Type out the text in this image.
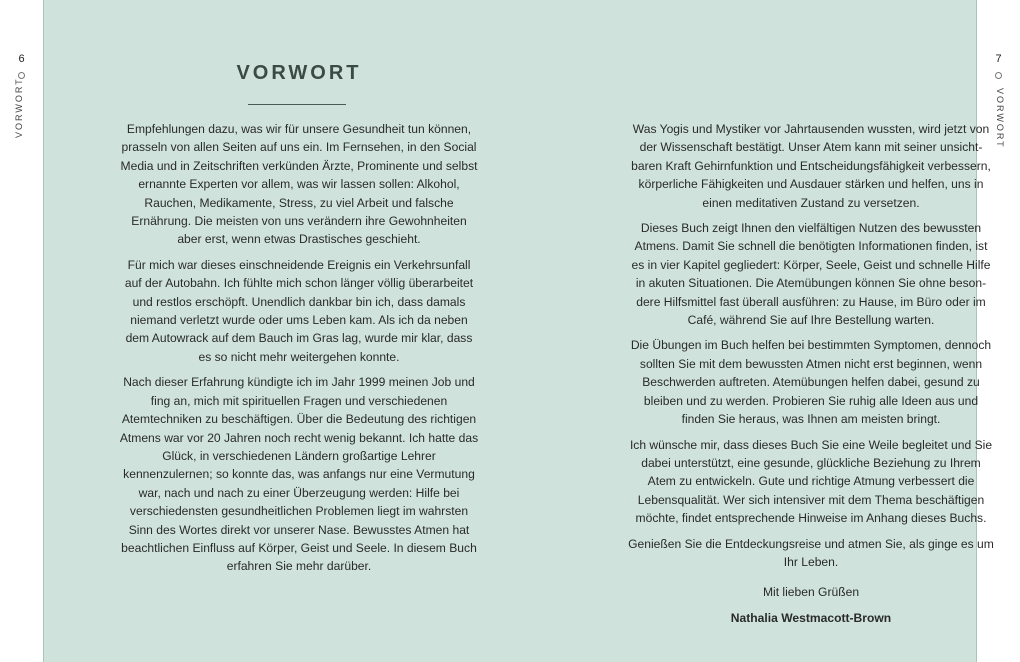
6
VORWORT
VORWORT

Empfehlungen dazu, was wir für unsere Gesundheit tun können, prasseln von allen Seiten auf uns ein. Im Fernsehen, in den Social Media und in Zeitschriften verkünden Ärzte, Prominente und selbst ernannte Experten vor allem, was wir lassen sollen: Alkohol, Rauchen, Medikamente, Stress, zu viel Arbeit und falsche Ernährung. Die meisten von uns verändern ihre Gewohnheiten aber erst, wenn etwas Drastisches geschieht.

Für mich war dieses einschneidende Ereignis ein Verkehrsunfall auf der Autobahn. Ich fühlte mich schon länger völlig überarbeitet und restlos erschöpft. Unendlich dankbar bin ich, dass damals niemand verletzt wurde oder ums Leben kam. Als ich da neben dem Autowrack auf dem Bauch im Gras lag, wurde mir klar, dass es so nicht mehr weitergehen konnte.

Nach dieser Erfahrung kündigte ich im Jahr 1999 meinen Job und fing an, mich mit spirituellen Fragen und verschiedenen Atemtechniken zu beschäftigen. Über die Bedeutung des richtigen Atmens war vor 20 Jahren noch recht wenig bekannt. Ich hatte das Glück, in verschiedenen Ländern großartige Lehrer kennenzulernen; so konnte das, was anfangs nur eine Vermutung war, nach und nach zu einer Überzeugung werden: Hilfe bei verschiedensten gesundheitlichen Problemen liegt im wahrsten Sinn des Wortes direkt vor unserer Nase. Bewusstes Atmen hat beachtlichen Einfluss auf Körper, Geist und Seele. In diesem Buch erfahren Sie mehr darüber.

Was Yogis und Mystiker vor Jahrtausenden wussten, wird jetzt von der Wissenschaft bestätigt. Unser Atem kann mit seiner unsichtbaren Kraft Gehirnfunktion und Entscheidungsfähigkeit verbessern, körperliche Fähigkeiten und Ausdauer stärken und helfen, uns in einen meditativen Zustand zu versetzen.

Dieses Buch zeigt Ihnen den vielfältigen Nutzen des bewussten Atmens. Damit Sie schnell die benötigten Informationen finden, ist es in vier Kapitel gegliedert: Körper, Seele, Geist und schnelle Hilfe in akuten Situationen. Die Atemübungen können Sie ohne besondere Hilfsmittel fast überall ausführen: zu Hause, im Büro oder im Café, während Sie auf Ihre Bestellung warten.

Die Übungen im Buch helfen bei bestimmten Symptomen, dennoch sollten Sie mit dem bewussten Atmen nicht erst beginnen, wenn Beschwerden auftreten. Atemübungen helfen dabei, gesund zu bleiben und zu werden. Probieren Sie ruhig alle Ideen aus und finden Sie heraus, was Ihnen am meisten bringt.

Ich wünsche mir, dass dieses Buch Sie eine Weile begleitet und Sie dabei unterstützt, eine gesunde, glückliche Beziehung zu Ihrem Atem zu entwickeln. Gute und richtige Atmung verbessert die Lebensqualität. Wer sich intensiver mit dem Thema beschäftigen möchte, findet entsprechende Hinweise im Anhang dieses Buchs.

Genießen Sie die Entdeckungsreise und atmen Sie, als ginge es um Ihr Leben.

Mit lieben Grüßen

Nathalia Westmacott-Brown

7
VORWORT
